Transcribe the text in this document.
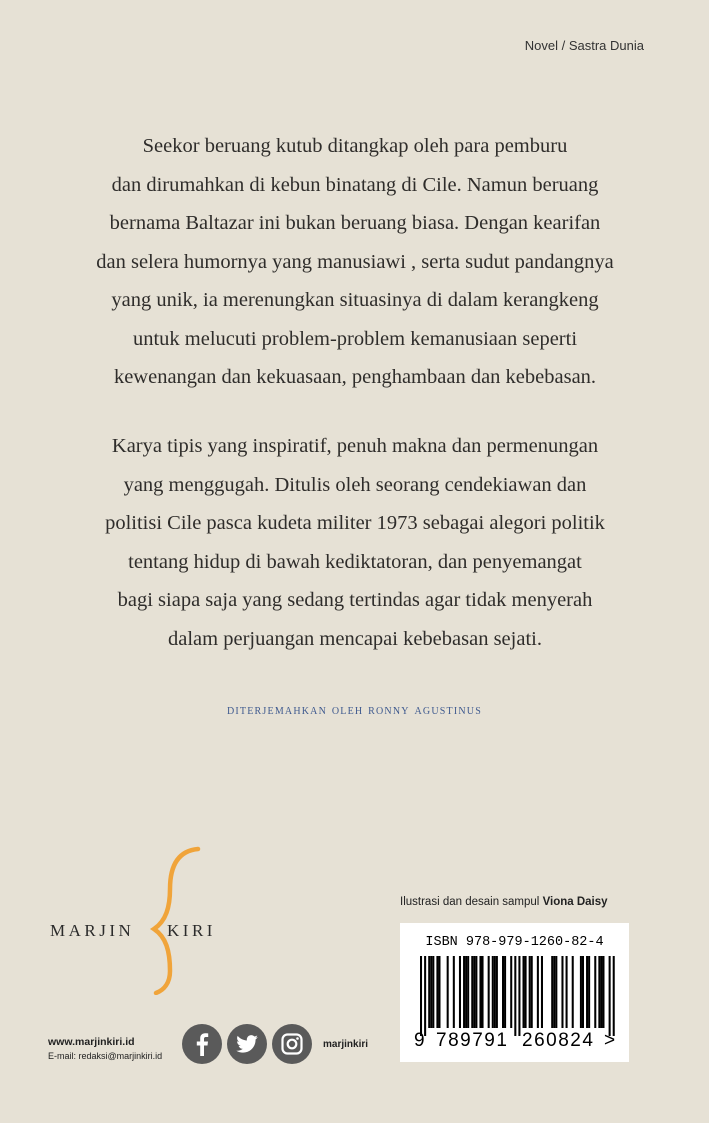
Novel / Sastra Dunia

Seekor beruang kutub ditangkap oleh para pemburu
dan dirumahkan di kebun binatang di Cile. Namun beruang
bernama Baltazar ini bukan beruang biasa. Dengan kearifan
dan selera humornya yang manusiawi , serta sudut pandangnya
yang unik, ia merenungkan situasinya di dalam kerangkeng
untuk melucuti problem-problem kemanusiaan seperti
kewenangan dan kekuasaan, penghambaan dan kebebasan.

Karya tipis yang inspiratif, penuh makna dan permenungan
yang menggugah. Ditulis oleh seorang cendekiawan dan
politisi Cile pasca kudeta militer 1973 sebagai alegori politik
tentang hidup di bawah kediktatoran, dan penyemangat
bagi siapa saja yang sedang tertindas agar tidak menyerah
dalam perjuangan mencapai kebebasan sejati.

diterjemahkan oleh ronny agustinus
MARJIN KIRI
www.marjinkiri.id
E-mail: redaksi@marjinkiri.id
marjinkiri
Ilustrasi dan desain sampul Viona Daisy
ISBN 978-979-1260-82-4
9 789791 260824 >
